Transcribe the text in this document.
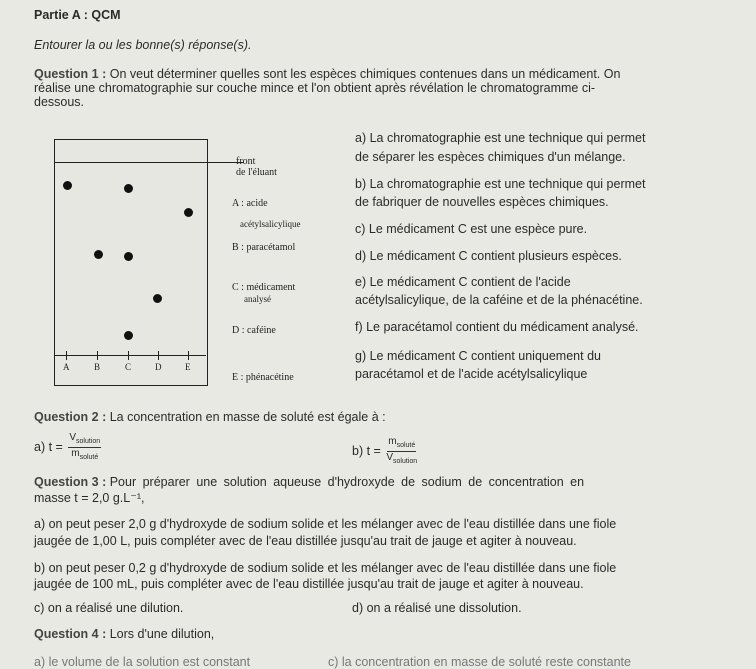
Partie A : QCM
Entourer la ou les bonne(s) réponse(s).
Question 1 : On veut déterminer quelles sont les espèces chimiques contenues dans un médicament. On
réalise une chromatographie sur couche mince et l'on obtient après révélation le chromatogramme ci-
dessous.
A	B	C	D	E
front
de l'éluant
A : acide
acétylsalicylique
B : paracétamol
C : médicament
analysé
D : caféine
E : phénacétine
a) La chromatographie est une technique qui permet
de séparer les espèces chimiques d'un mélange.
b) La chromatographie est une technique qui permet
de fabriquer de nouvelles espèces chimiques.
c) Le médicament C est une espèce pure.
d) Le médicament C contient plusieurs espèces.
e) Le médicament C contient de l'acide
acétylsalicylique, de la caféine et de la phénacétine.
f) Le paracétamol contient du médicament analysé.
g) Le médicament C contient uniquement du
paracétamol et de l'acide acétylsalicylique
Question 2 : La concentration en masse de soluté est égale à :
a) $t = \frac{V_{solution}}{m_{soluté}}$	b) $t = \frac{m_{soluté}}{V_{solution}}$
Question 3 : Pour préparer une solution aqueuse d'hydroxyde de sodium de concentration en
masse t = 2,0 g.L⁻¹,
a) on peut peser 2,0 g d'hydroxyde de sodium solide et les mélanger avec de l'eau distillée dans une fiole
jaugée de 1,00 L, puis compléter avec de l'eau distillée jusqu'au trait de jauge et agiter à nouveau.
b) on peut peser 0,2 g d'hydroxyde de sodium solide et les mélanger avec de l'eau distillée dans une fiole
jaugée de 100 mL, puis compléter avec de l'eau distillée jusqu'au trait de jauge et agiter à nouveau.
c) on a réalisé une dilution.	d) on a réalisé une dissolution.
Question 4 : Lors d'une dilution,
a) le volume de la solution est constant	c) la concentration en masse de soluté reste constante
